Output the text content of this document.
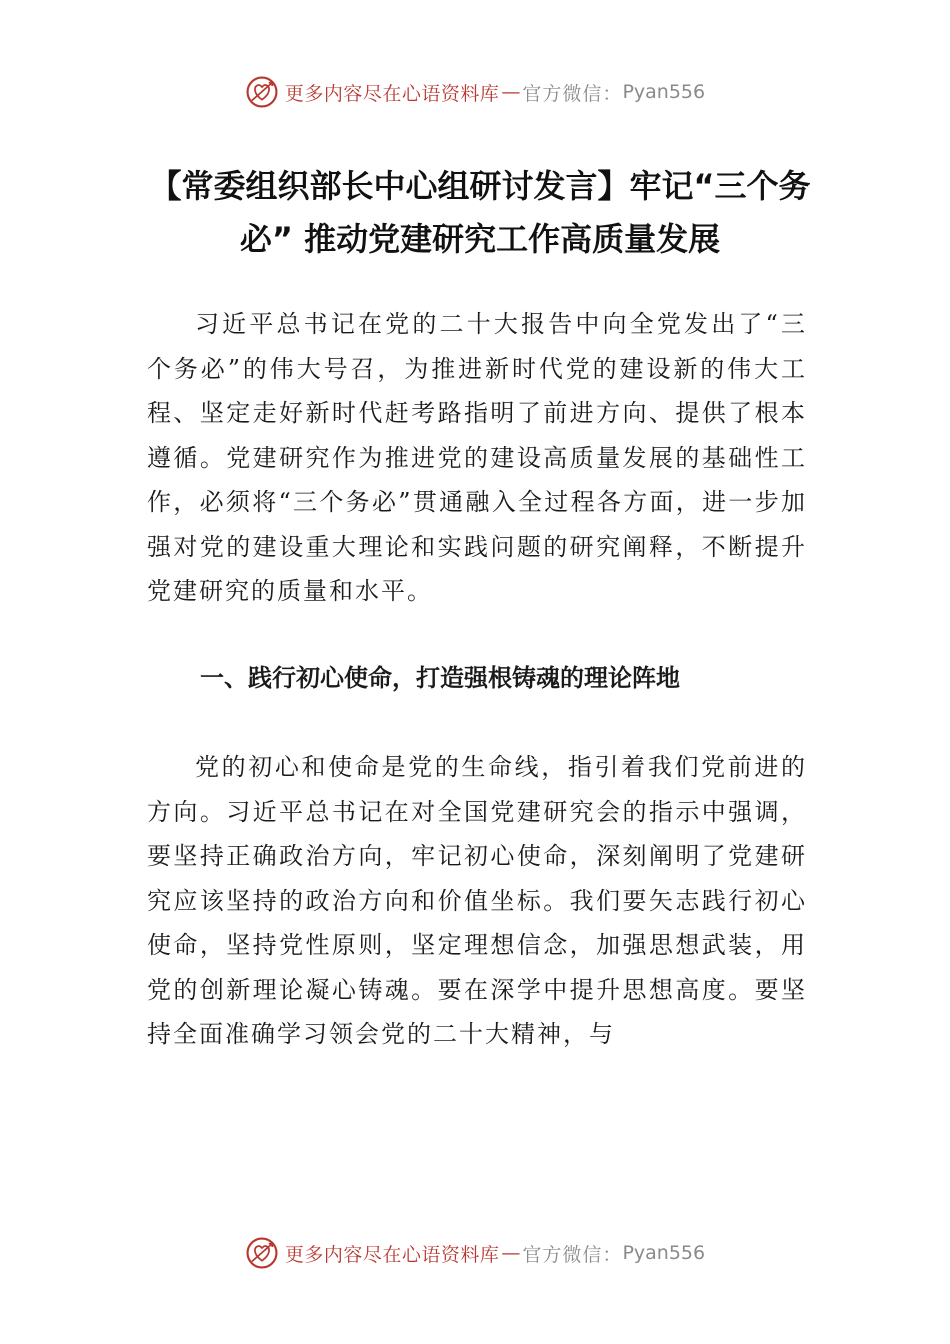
更多内容尽在心语资料库 — 官方微信： Pyan556
【常委组织部长中心组研讨发言】牢记“三个务必” 推动党建研究工作高质量发展

习近平总书记在党的二十大报告中向全党发出了“三个务必”的伟大号召，为推进新时代党的建设新的伟大工程、坚定走好新时代赶考路指明了前进方向、提供了根本遵循。党建研究作为推进党的建设高质量发展的基础性工作，必须将“三个务必”贯通融入全过程各方面，进一步加强对党的建设重大理论和实践问题的研究阐释，不断提升党建研究的质量和水平。

一、践行初心使命，打造强根铸魂的理论阵地

党的初心和使命是党的生命线，指引着我们党前进的方向。习近平总书记在对全国党建研究会的指示中强调，要坚持正确政治方向，牢记初心使命，深刻阐明了党建研究应该坚持的政治方向和价值坐标。我们要矢志践行初心使命，坚持党性原则，坚定理想信念，加强思想武装，用党的创新理论凝心铸魂。要在深学中提升思想高度。要坚持全面准确学习领会党的二十大精神，与

更多内容尽在心语资料库 — 官方微信： Pyan556
